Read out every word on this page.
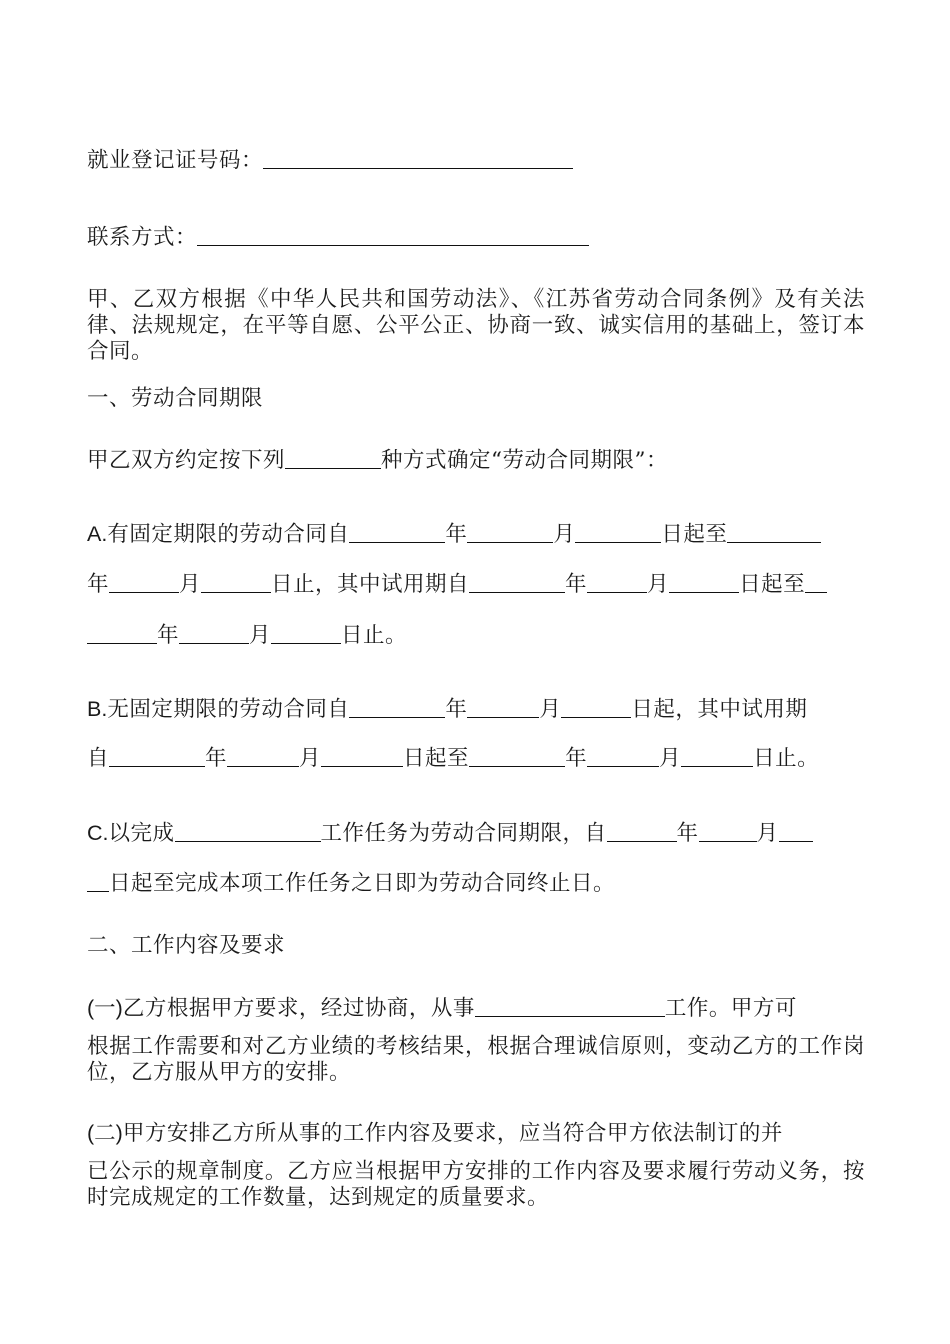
就业登记证号码：
联系方式：
甲、乙双方根据《中华人民共和国劳动法》、《江苏省劳动合同条例》及有关法律、法规规定，在平等自愿、公平公正、协商一致、诚实信用的基础上，签订本合同。
一、劳动合同期限
甲乙双方约定按下列	种方式确定“劳动合同期限”：
A.有固定期限的劳动合同自	年	月	日起至
年	月	日止，其中试用期自	年	月	日起至
年	月	日止。
B.无固定期限的劳动合同自	年	月	日起，其中试用期
自	年	月	日起至	年	月	日止。
C.以完成	工作任务为劳动合同期限，自	年	月
日起至完成本项工作任务之日即为劳动合同终止日。
二、工作内容及要求
(一)乙方根据甲方要求，经过协商，从事	工作。甲方可
根据工作需要和对乙方业绩的考核结果，根据合理诚信原则，变动乙方的工作岗位，乙方服从甲方的安排。
(二)甲方安排乙方所从事的工作内容及要求，应当符合甲方依法制订的并
已公示的规章制度。乙方应当根据甲方安排的工作内容及要求履行劳动义务，按时完成规定的工作数量，达到规定的质量要求。
